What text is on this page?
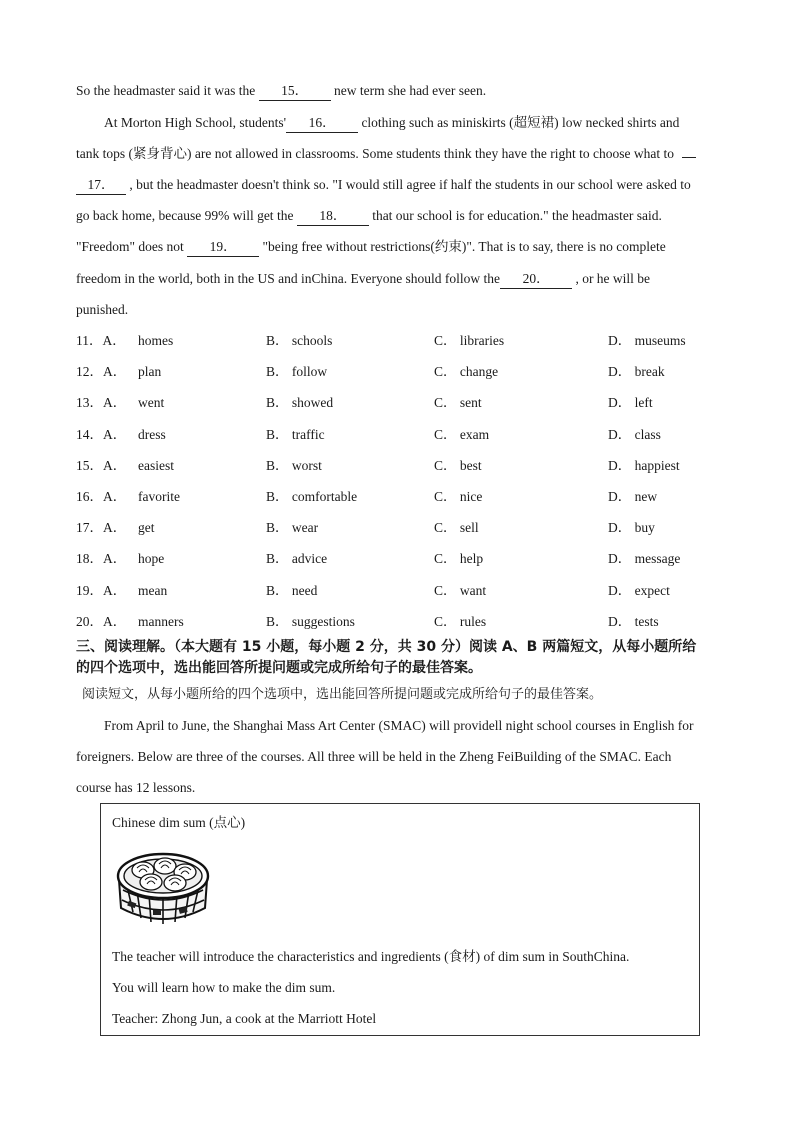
So the headmaster said it was the 15． new term she had ever seen.
At Morton High School, students' 16． clothing such as miniskirts (超短裙) low necked shirts and
tank tops (紧身背心) are not allowed in classrooms. Some students think they have the right to choose what to
17． , but the headmaster doesn't think so. "I would still agree if half the students in our school were asked to
go back home, because 99% will get the 18． that our school is for education." the headmaster said.
"Freedom" does not 19． "being free without restrictions(约束)". That is to say, there is no complete
freedom in the world, both in the US and inChina. Everyone should follow the 20． , or he will be
punished.
11．A． homes	B． schools	C． libraries	D． museums
12．A． plan	B． follow	C． change	D． break
13．A． went	B． showed	C． sent	D． left
14．A． dress	B． traffic	C． exam	D． class
15．A． easiest	B． worst	C． best	D． happiest
16．A． favorite	B． comfortable	C． nice	D． new
17．A． get	B． wear	C． sell	D． buy
18．A． hope	B． advice	C． help	D． message
19．A． mean	B． need	C． want	D． expect
20．A． manners	B． suggestions	C． rules	D． tests
三、阅读理解。（本大题有 15 小题，每小题 2 分，共 30 分）阅读 A、B 两篇短文，从每小题所给
的四个选项中，选出能回答所提问题或完成所给句子的最佳答案。
阅读短文，从每小题所给的四个选项中，选出能回答所提问题或完成所给句子的最佳答案。
From April to June, the Shanghai Mass Art Center (SMAC) will providell night school courses in English for
foreigners. Below are three of the courses. All three will be held in the Zheng FeiBuilding of the SMAC. Each
course has 12 lessons.
Chinese dim sum (点心)
The teacher will introduce the characteristics and ingredients (食材) of dim sum in SouthChina.
You will learn how to make the dim sum.
Teacher: Zhong Jun, a cook at the Marriott Hotel
